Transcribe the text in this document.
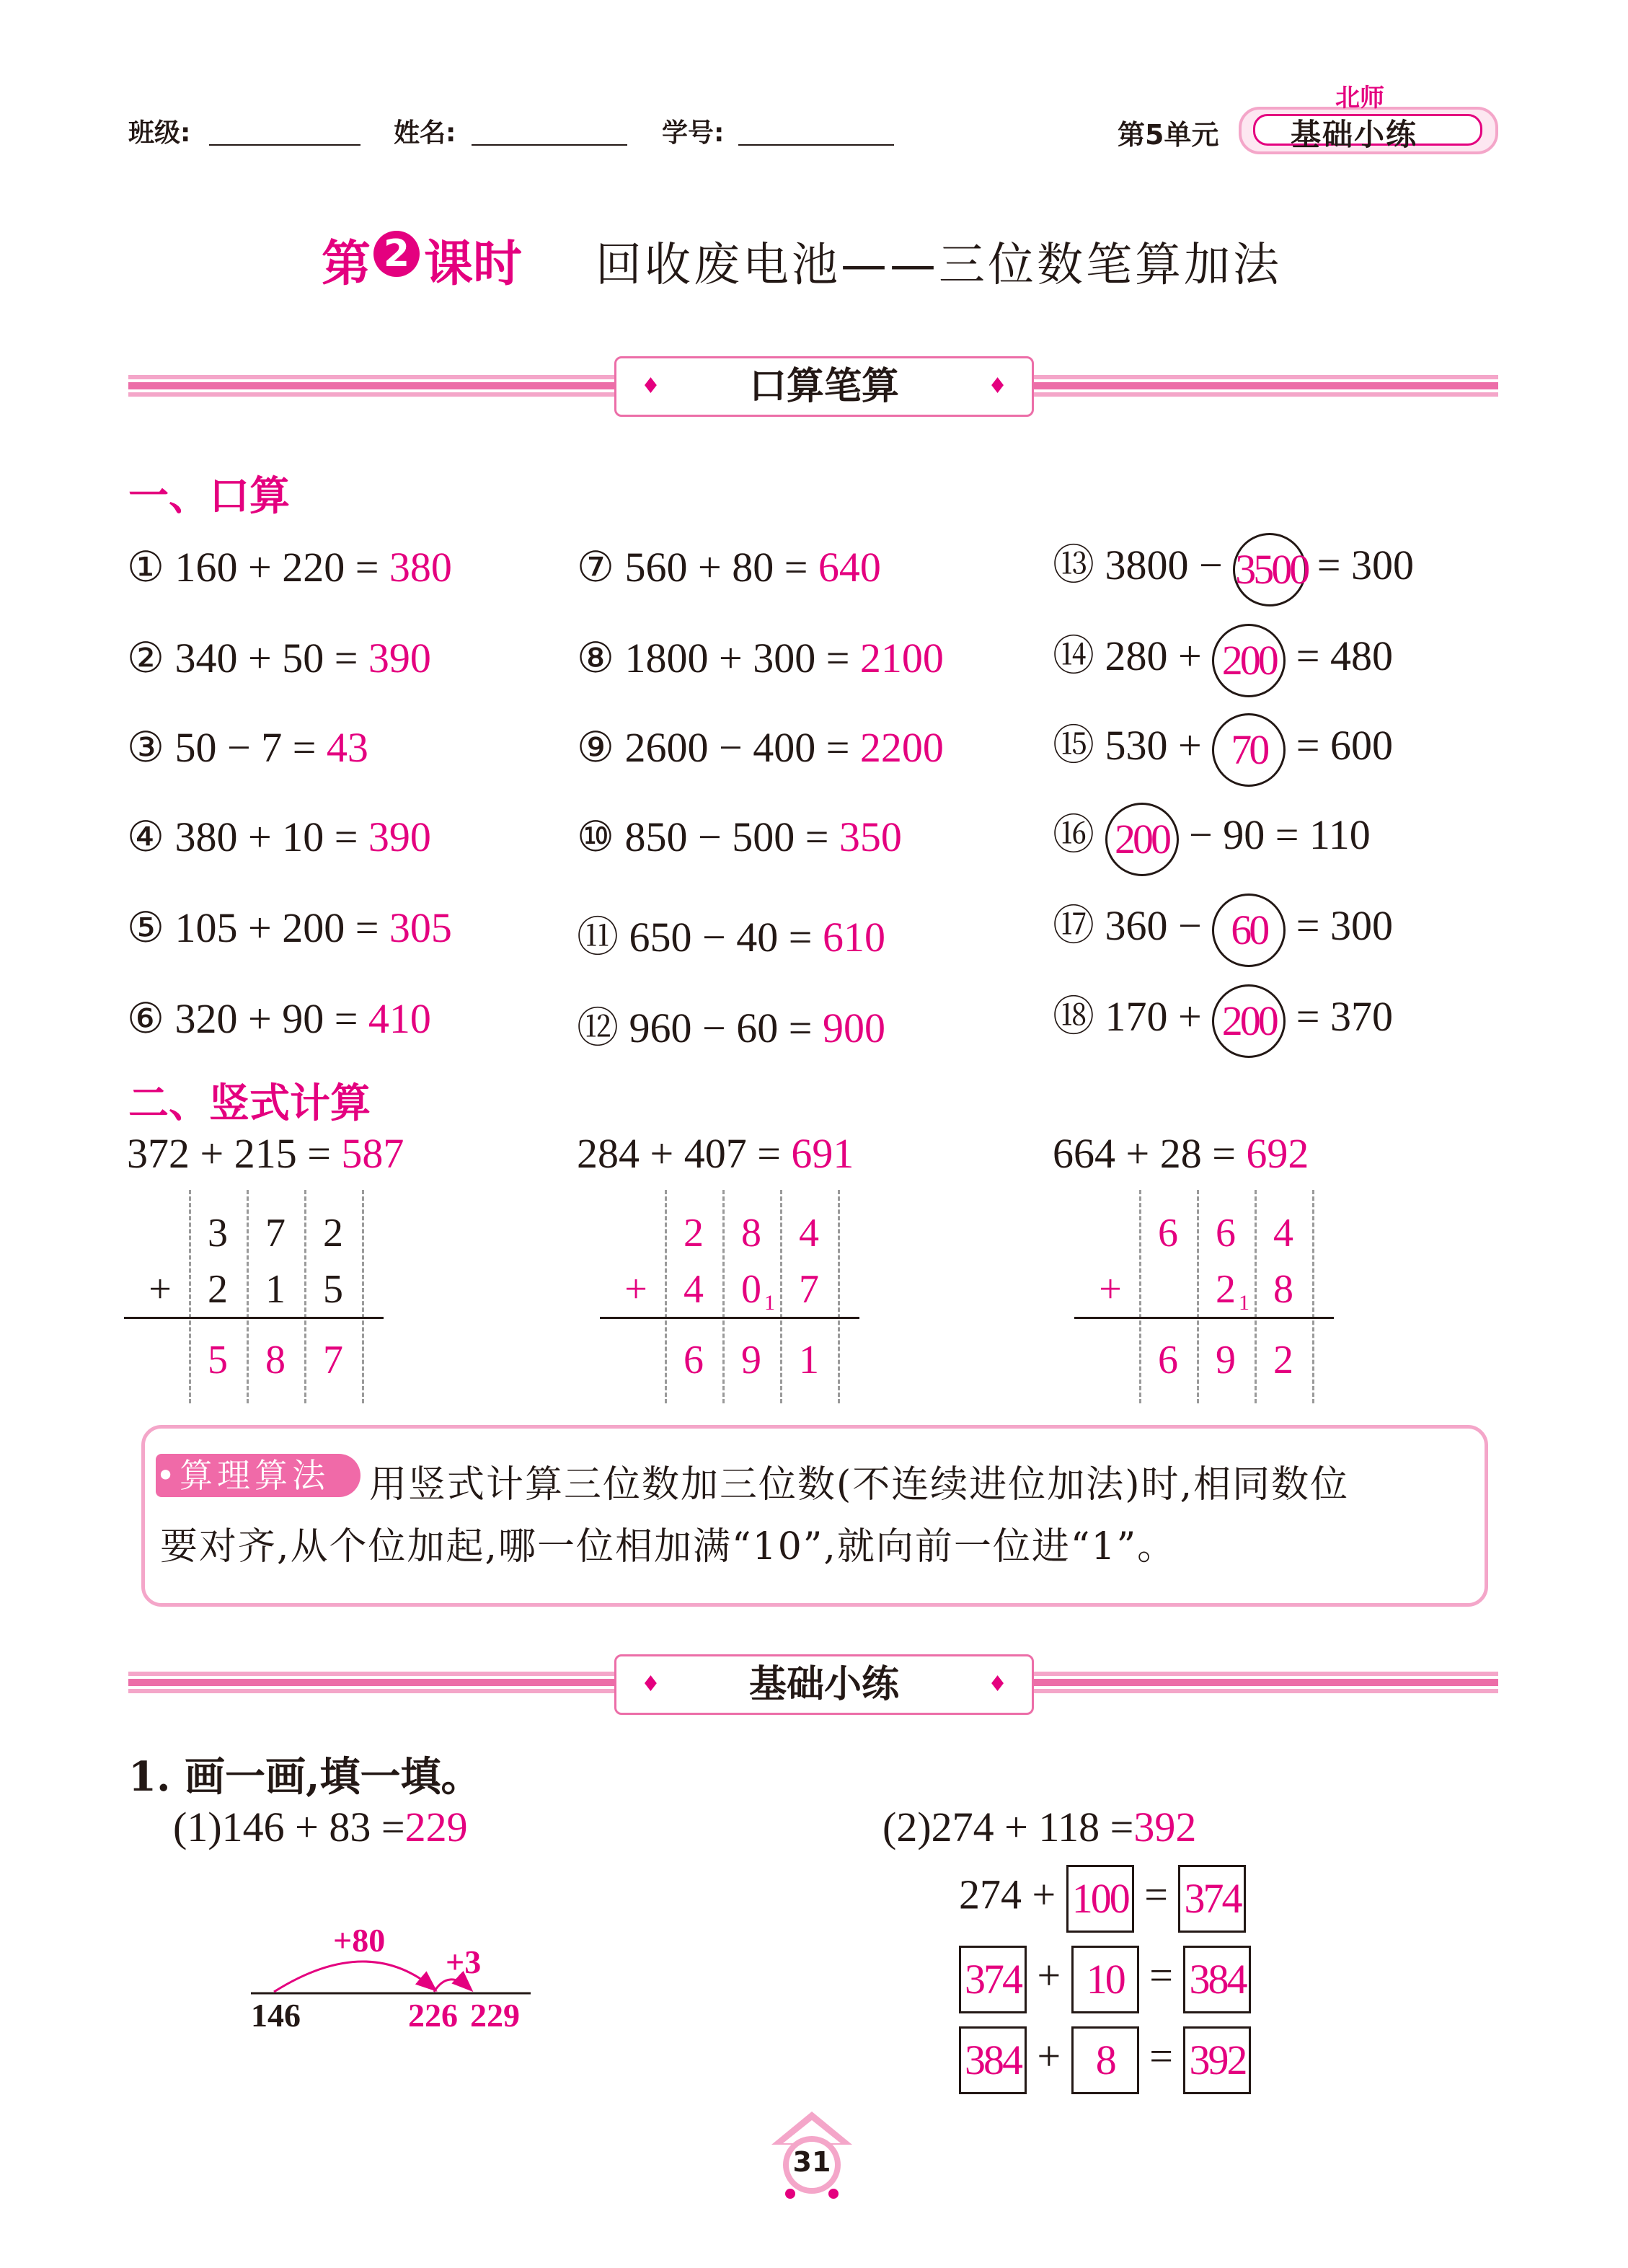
班级:	姓名:	学号:	第5单元
北师
基础小练
第 2 课时 回收废电池——三位数笔算加法
♦ 口算笔算	♦
一、口算
① 160 + 220 = 380
② 340 + 50 = 390
③ 50 − 7 = 43
④ 380 + 10 = 390
⑤ 105 + 200 = 305
⑥ 320 + 90 = 410
⑦ 560 + 80 = 640
⑧ 1800 + 300 = 2100
⑨ 2600 − 400 = 2200
⑩ 850 − 500 = 350
⑪ 650 − 40 = 610
⑫ 960 − 60 = 900
⑬ 3800 − 3500 = 300
⑭ 280 + 200 = 480
⑮ 530 + 70 = 600
⑯ 200 − 90 = 110
⑰ 360 − 60 = 300
⑱ 170 + 200 = 370
二、竖式计算
372 + 215 = 587
3 7 2
+ 2 1 5
5 8 7
284 + 407 = 691
2 8 4
+ 4 0 1 7
6 9 1
664 + 28 = 692
6 6 4
+	2 1 8
6 9 2
•算理算法	用竖式计算三位数加三位数(不连续进位加法)时,相同数位
要对齐,从个位加起,哪一位相加满“10”,就向前一位进“1”。
♦ 基础小练	♦
1. 画一画,填一填。
(1)146 + 83 =229
+80
+3
146	226 229
(2)274 + 118 =392
274 + 100 = 374
374 + 10 = 384
384 + 8 = 392
31
